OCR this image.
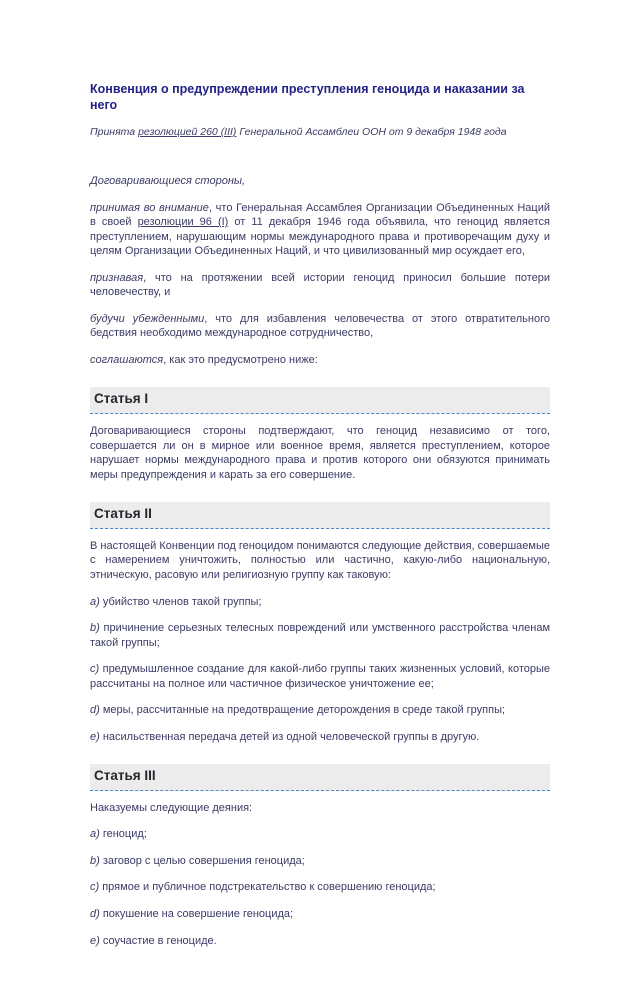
Конвенция о предупреждении преступления геноцида и наказании за него

Принята резолюцией 260 (III) Генеральной Ассамблеи ООН от 9 декабря 1948 года

Договаривающиеся стороны,

принимая во внимание, что Генеральная Ассамблея Организации Объединенных Наций в своей резолюции 96 (I) от 11 декабря 1946 года объявила, что геноцид является преступлением, нарушающим нормы международного права и противоречащим духу и целям Организации Объединенных Наций, и что цивилизованный мир осуждает его,

признавая, что на протяжении всей истории геноцид приносил большие потери человечеству, и

будучи убежденными, что для избавления человечества от этого отвратительного бедствия необходимо международное сотрудничество,

соглашаются, как это предусмотрено ниже:

Статья I

Договаривающиеся стороны подтверждают, что геноцид независимо от того, совершается ли он в мирное или военное время, является преступлением, которое нарушает нормы международного права и против которого они обязуются принимать меры предупреждения и карать за его совершение.

Статья II

В настоящей Конвенции под геноцидом понимаются следующие действия, совершаемые с намерением уничтожить, полностью или частично, какую-либо национальную, этническую, расовую или религиозную группу как таковую:

a) убийство членов такой группы;

b) причинение серьезных телесных повреждений или умственного расстройства членам такой группы;

c) предумышленное создание для какой-либо группы таких жизненных условий, которые рассчитаны на полное или частичное физическое уничтожение ее;

d) меры, рассчитанные на предотвращение деторождения в среде такой группы;

e) насильственная передача детей из одной человеческой группы в другую.

Статья III

Наказуемы следующие деяния:

a) геноцид;

b) заговор с целью совершения геноцида;

c) прямое и публичное подстрекательство к совершению геноцида;

d) покушение на совершение геноцида;

e) соучастие в геноциде.
